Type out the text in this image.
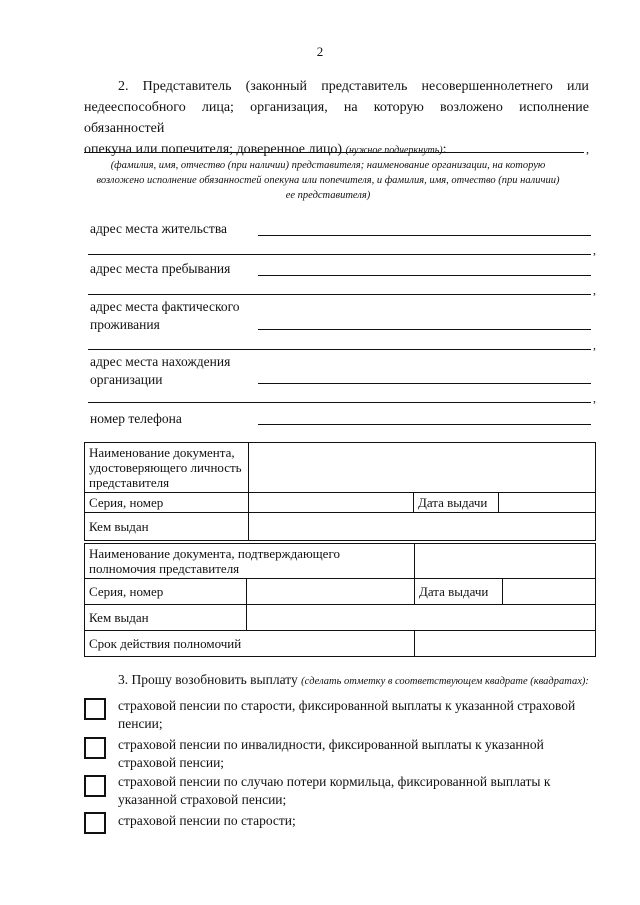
2
2. Представитель (законный представитель несовершеннолетнего или
недееспособного лица; организация, на которую возложено исполнение обязанностей
опекуна или попечителя; доверенное лицо) (нужное подчеркнуть):	,
(фамилия, имя, отчество (при наличии) представителя; наименование организации, на которую
возложено исполнение обязанностей опекуна или попечителя, и фамилия, имя, отчество (при наличии)
ее представителя)
адрес места жительства
,
адрес места пребывания
,
адрес места фактического
проживания
,
адрес места нахождения
организации
,
номер телефона
Наименование документа,
удостоверяющего личность
представителя			

Серия, номер		Дата выдачи	
Кем выдан			
Наименование документа, подтверждающего
полномочия представителя			

Серия, номер		Дата выдачи	
Кем выдан			
Срок действия полномочий			
3. Прошу возобновить выплату (сделать отметку в соответствующем квадрате (квадратах):
страховой пенсии по старости, фиксированной выплаты к указанной страховой
пенсии;
страховой пенсии по инвалидности, фиксированной выплаты к указанной
страховой пенсии;
страховой пенсии по случаю потери кормильца, фиксированной выплаты к
указанной страховой пенсии;
страховой пенсии по старости;
